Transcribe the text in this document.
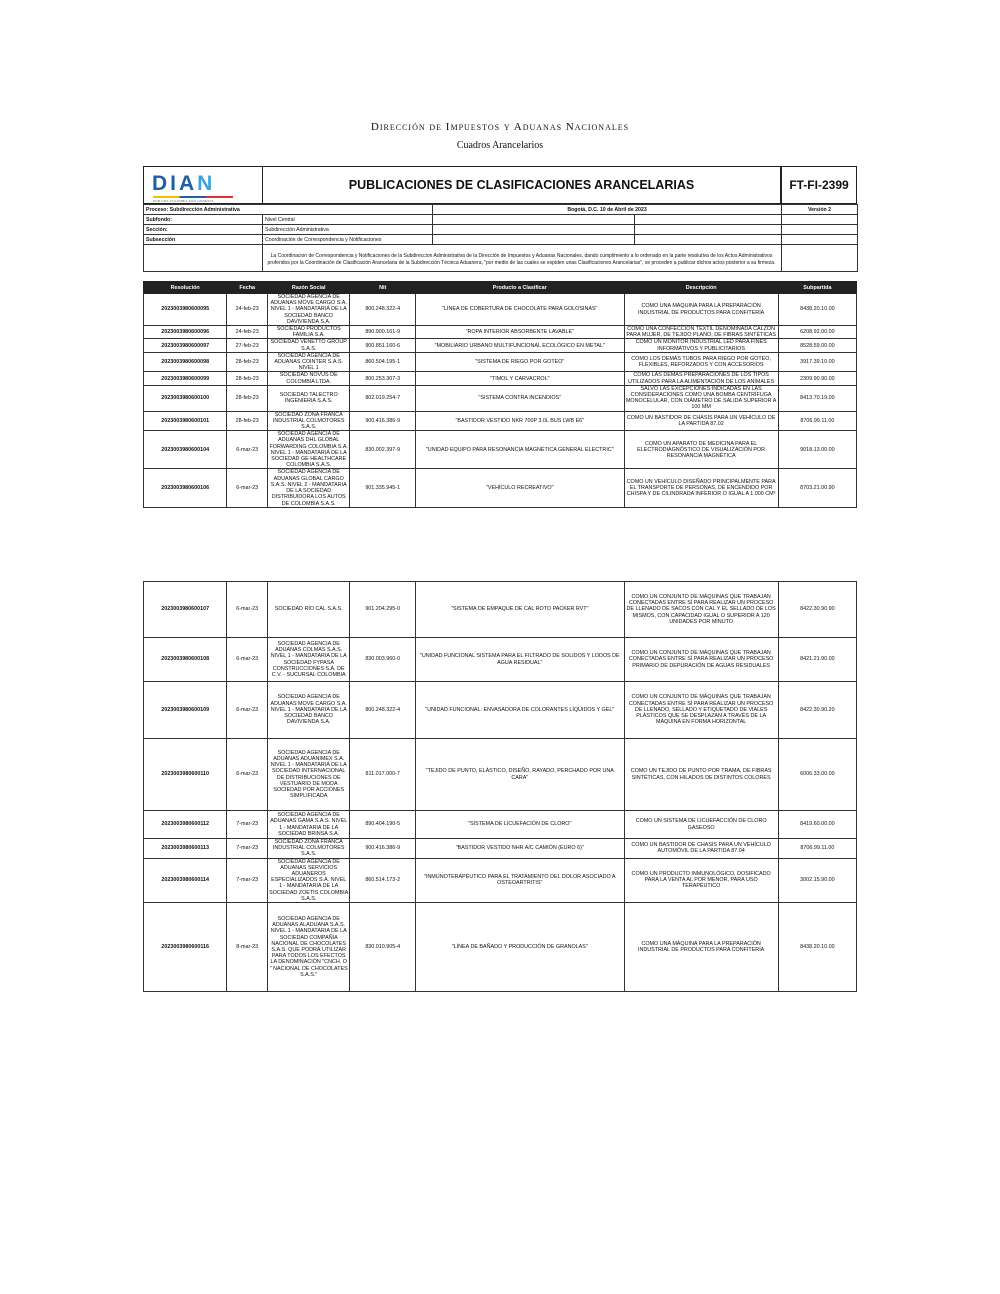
Dirección de Impuestos y Aduanas Nacionales
Cuadros Arancelarios
DIAN
POR UNA COLOMBIA MÁS HONESTA
PUBLICACIONES DE CLASIFICACIONES ARANCELARIAS	FT-FI-2399
Proceso: Subdirección Administrativa		Bogotá, D.C. 10 de Abril de 2023		Versión 2
Subfondo:	Nivel Central			
Sección:	Subdirección Administrativa			
Subsección	Coordinación de Correspondencia y Notificaciones			

La Coordinacion de Correspondencia y Notificaciones de la Subdireccion Administrativa de la Dirección de Impuestos y Aduanas Nacionales, dando cumplimiento a lo ordenado en la parte resolutiva de los Actos Administrativos proferidos por la Coordinación de Clasificación Arancelaria de la Subdirección Técnica Aduanera, "por medio de las cuales se expiden unas Clasificaciones Arancelarias", se proceden a publicar dichos actos posterior a su firmeza.
Resolución	Fecha	Razón Social	Nit	Producto a Clasificar	Descripción	Subpartida
2023003980600095	24-feb-23	SOCIEDAD AGENCIA DE ADUANAS MOVE CARGO S.A. NIVEL 1 - MANDATARIA DE LA SOCIEDAD BANCO DAVIVIENDA S.A.	800.248.322-4	"LÍNEA DE COBERTURA DE CHOCOLATE PARA GOLOSINAS"	COMO UNA MÁQUINA PARA LA PREPARACIÓN INDUSTRIAL DE PRODUCTOS PARA CONFITERÍA	8438.20.10.00
2023003980600096	24-feb-23	SOCIEDAD PRODUCTOS FAMILIA S.A.	890.900.161-9	"ROPA INTERIOR ABSORBENTE LAVABLE"	COMO UNA CONFECCIÓN TEXTIL DENOMINADA CALZÓN PARA MUJER, DE TEJIDO PLANO, DE FIBRAS SINTÉTICAS	6208.92.00.00
2023003980600097	27-feb-23	SOCIEDAD VENETTO GROUP S.A.S.	900.851.160-6	"MOBILIARIO URBANO MULTIFUNCIONAL ECOLÓGICO EN METAL"	COMO UN MONITOR INDUSTRIAL LED PARA FINES INFORMATIVOS Y PUBLICITARIOS	8528.59.00.00
2023003980600098	28-feb-23	SOCIEDAD AGENCIA DE ADUANAS COINTER S.A.S. NIVEL 1	860.504.195-1	"SISTEMA DE RIEGO POR GOTEO"	COMO LOS DEMÁS TUBOS PARA RIEGO POR GOTEO, FLEXIBLES, REFORZADOS Y CON ACCESORIOS	3917.39.10.00
2023003980600099	28-feb-23	SOCIEDAD NOVUS DE COLOMBIA LTDA.	800.253.307-3	"TIMOL Y CARVACROL"	COMO LAS DEMÁS PREPARACIONES DE LOS TIPOS UTILIZADOS PARA LA ALIMENTACIÓN DE LOS ANIMALES	2309.90.90.00
2023003980600100	28-feb-23	SOCIEDAD TALECTRO INGENIERIA S.A.S.	802.019.254-7	"SISTEMA CONTRA INCENDIOS"	SALVO LAS EXCEPCIONES INDICADAS EN LAS CONSIDERACIONES COMO UNA BOMBA CENTRÍFUGA MONOCELULAR, CON DIÁMETRO DE SALIDA SUPERIOR A 100 MM	8413.70.19.00
2023003980600101	28-feb-23	SOCIEDAD ZONA FRANCA INDUSTRIAL COLMOTORES S.A.S.	900.416.386-9	"BASTIDOR VESTIDO NKR 700P 3.0L BUS LWB E6"	COMO UN BASTIDOR DE CHASIS PARA UN VEHÍCULO DE LA PARTIDA 87.02	8706.99.11.00
2023003980600104	6-mar-23	SOCIEDAD AGENCIA DE ADUANAS DHL GLOBAL FORWARDING COLOMBIA S.A. NIVEL 1 - MANDATARIA DE LA SOCIEDAD GE HEALTHCARE COLOMBIA S.A.S.	830.002.397-9	"UNIDAD EQUIPO PARA RESONANCIA MAGNÉTICA GENERAL ELECTRIC"	COMO UN APARATO DE MEDICINA PARA EL ELECTRODIAGNÓSTICO DE VISUALIZACIÓN POR RESONANCIA MAGNÉTICA	9018.13.00.00
2023003980600106	6-mar-23	SOCIEDAD AGENCIA DE ADUANAS GLOBAL CARGO S.A.S. NIVEL 2 - MANDATARIA DE LA SOCIEDAD DISTRIBUIDORA LOS AUTOS DE COLOMBIA S.A.S.	901.335.945-1	"VEHÍCULO RECREATIVO"	COMO UN VEHÍCULO DISEÑADO PRINCIPALMENTE PARA EL TRANSPORTE DE PERSONAS, DE ENCENDIDO POR CHISPA Y DE CILINDRADA INFERIOR O IGUAL A 1.000 CM³	8703.21.00.90
2023003980600107	6-mar-23	SOCIEDAD RÍO CAL S.A.S.	901.204.295-0	"SISTEMA DE EMPAQUE DE CAL ROTO PACKER RVT"	COMO UN CONJUNTO DE MÁQUINAS QUE TRABAJAN CONECTADAS ENTRE SÍ PARA REALIZAR UN PROCESO DE LLENADO DE SACOS CON CAL Y EL SELLADO DE LOS MISMOS, CON CAPACIDAD IGUAL O SUPERIOR A 120 UNIDADES POR MINUTO	8422.30.90.90
2023003980600108	6-mar-23	SOCIEDAD AGENCIA DE ADUANAS COLMAS S.A.S. NIVEL 1 - MANDATARIA DE LA SOCIEDAD FYPASA CONSTRUCCIONES S.A. DE C.V. - SUCURSAL COLOMBIA	830.003.960-0	"UNIDAD FUNCIONAL SISTEMA PARA EL FILTRADO DE SOLIDOS Y LODOS DE AGUA RESIDUAL"	COMO UN CONJUNTO DE MÁQUINAS QUE TRABAJAN CONECTADAS ENTRE SÍ PARA REALIZAR UN PROCESO PRIMARIO DE DEPURACIÓN DE AGUAS RESIDUALES	8421.21.90.00
2023003980600109	6-mar-23	SOCIEDAD AGENCIA DE ADUANAS MOVE CARGO S.A. NIVEL 1 - MANDATARIA DE LA SOCIEDAD BANCO DAVIVIENDA S.A.	800.248.322-4	"UNIDAD FUNCIONAL: ENVASADORA DE COLORANTES LÍQUIDOS Y GEL"	COMO UN CONJUNTO DE MÁQUINAS QUE TRABAJAN CONECTADAS ENTRE SÍ PARA REALIZAR UN PROCESO DE LLENADO, SELLADO Y ETIQUETADO DE VIALES PLÁSTICOS QUE SE DESPLAZAN A TRAVÉS DE LA MÁQUINA EN FORMA HORIZONTAL	8422.30.90.20
2023003980600110	6-mar-23	SOCIEDAD AGENCIA DE ADUANAS ADUANIMEX S.A. NIVEL 1 - MANDATARIA DE LA SOCIEDAD INTERNACIONAL DE DISTRIBUCIONES DE VESTUARIO DE MODA SOCIEDAD POR ACCIONES SIMPLIFICADA	811.017.000-7	"TEJIDO DE PUNTO, ELÁSTICO, DISEÑO, RAYADO, PERCHADO POR UNA CARA"	COMO UN TEJIDO DE PUNTO POR TRAMA, DE FIBRAS SINTÉTICAS, CON HILADOS DE DISTINTOS COLORES	6006.33.00.00
2023003980600112	7-mar-23	SOCIEDAD AGENCIA DE ADUANAS GAMA S.A.S. NIVEL 1 - MANDATARIA DE LA SOCIEDAD BRINSA S.A.	890.404.190-5	"SISTEMA DE LICUEFACIÓN DE CLORO"	COMO UN SISTEMA DE LICUEFACCIÓN DE CLORO GASEOSO	8419.60.00.00
2023003980600113	7-mar-23	SOCIEDAD ZONA FRANCA INDUSTRIAL COLMOTORES S.A.S.	900.416.386-9	"BASTIDOR VESTIDO NHR A/C CAMIÓN (EURO 6)"	COMO UN BASTIDOR DE CHASIS PARA UN VEHÍCULO AUTOMÓVIL DE LA PARTIDA 87.04	8706.99.11.00
2023003980600114	7-mar-23	SOCIEDAD AGENCIA DE ADUANAS SERVICIOS ADUANEROS ESPECIALIZADOS S.A. NIVEL 1 - MANDATARIA DE LA SOCIEDAD ZOETIS COLOMBIA S.A.S.	860.514.173-2	"INMUNOTERAPÉUTICO PARA EL TRATAMIENTO DEL DOLOR ASOCIADO A OSTEOARTRITIS"	COMO UN PRODUCTO INMUNOLÓGICO, DOSIFICADO PARA LA VENTA AL POR MENOR, PARA USO TERAPÉUTICO	3002.15.90.00
2023003980600116	8-mar-23	SOCIEDAD AGENCIA DE ADUANAS ALADUANA S.A.S. NIVEL 1 - MANDATARIA DE LA SOCIEDAD COMPAÑÍA NACIONAL DE CHOCOLATES S.A.S. QUE PODRÁ UTILIZAR PARA TODOS LOS EFECTOS LA DENOMINACIÓN "CNCH. O " NACIONAL DE CHOCOLATES S.A.S."	830.010.905-4	"LÍNEA DE BAÑADO Y PRODUCCIÓN DE GRANOLAS"	COMO UNA MÁQUINA PARA LA PREPARACIÓN INDUSTRIAL DE PRODUCTOS PARA CONFITERÍA	8438.20.10.00
